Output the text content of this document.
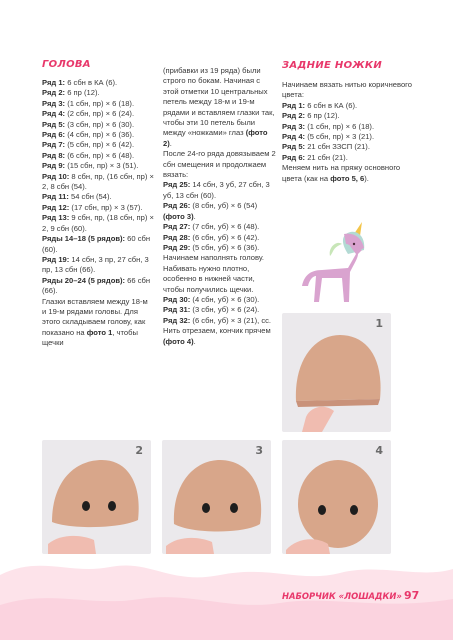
ГОЛОВА	ЗАДНИЕ НОЖКИ

Ряд 1: 6 сбн в КА (6).

Ряд 2: 6 пр (12).

Ряд 3: (1 сбн, пр) × 6 (18).

Ряд 4: (2 сбн, пр) × 6 (24).

Ряд 5: (3 сбн, пр) × 6 (30).

Ряд 6: (4 сбн, пр) × 6 (36).

Ряд 7: (5 сбн, пр) × 6 (42).

Ряд 8: (6 сбн, пр) × 6 (48).

Ряд 9: (15 сбн, пр) × 3 (51).

Ряд 10: 8 сбн, пр, (16 сбн, пр) × 2, 8 сбн (54).

Ряд 11: 54 сбн (54).

Ряд 12: (17 сбн, пр) × 3 (57).

Ряд 13: 9 сбн, пр, (18 сбн, пр) × 2, 9 сбн (60).

Ряды 14–18 (5 рядов): 60 сбн (60).

Ряд 19: 14 сбн, 3 пр, 27 сбн, 3 пр, 13 сбн (66).

Ряды 20–24 (5 рядов): 66 сбн (66).

Глазки вставляем между 18-м и 19-м рядами головы. Для этого складываем голову, как показано на фото 1, чтобы щечки

(прибавки из 19 ряда) были строго по бокам. Начиная с этой отметки 10 центральных петель между 18-м и 19-м рядами и вставляем глазки так, чтобы эти 10 петель были между «ножками» глаз (фото 2).

После 24-го ряда довязываем 2 сбн смещения и продолжаем вязать:

Ряд 25: 14 сбн, 3 уб, 27 сбн, 3 уб, 13 сбн (60).

Ряд 26: (8 сбн, уб) × 6 (54) (фото 3).

Ряд 27: (7 сбн, уб) × 6 (48).

Ряд 28: (6 сбн, уб) × 6 (42).

Ряд 29: (5 сбн, уб) × 6 (36).

Начинаем наполнять голову. Набивать нужно плотно, особенно в нижней части, чтобы получились щечки.

Ряд 30: (4 сбн, уб) × 6 (30).

Ряд 31: (3 сбн, уб) × 6 (24).

Ряд 32: (6 сбн, уб) × 3 (21), сс.

Нить отрезаем, кончик прячем (фото 4).

Начинаем вязать нитью коричневого цвета:

Ряд 1: 6 сбн в КА (6).

Ряд 2: 6 пр (12).

Ряд 3: (1 сбн, пр) × 6 (18).

Ряд 4: (5 сбн, пр) × 3 (21).

Ряд 5: 21 сбн ЗЗСП (21).

Ряд 6: 21 сбн (21).

Меняем нить на пряжу основного цвета (как на фото 5, 6).

1
2	3	4
НАБОРЧИК «ЛОШАДКИ» 97
